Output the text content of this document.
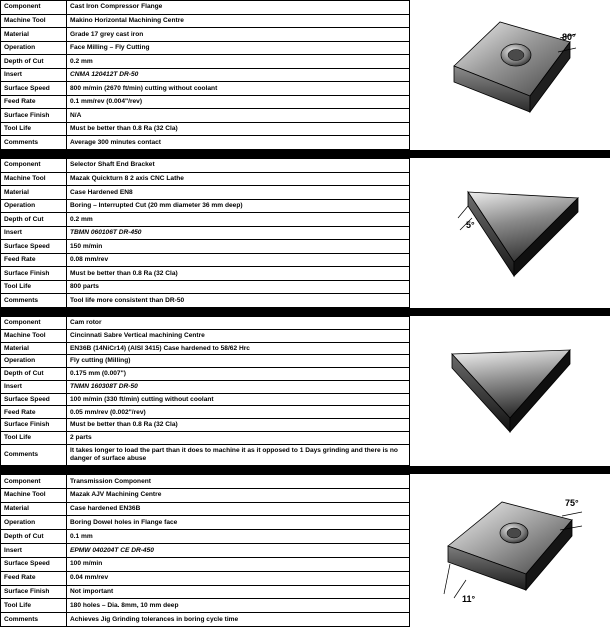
Component	Cast Iron Compressor Flange
Machine Tool	Makino Horizontal Machining Centre
Material	Grade 17 grey cast iron
Operation	Face Milling – Fly Cutting
Depth of Cut	0.2 mm
Insert	CNMA 120412T DR-50
Surface Speed	800 m/min (2670 ft/min) cutting without coolant
Feed Rate	0.1 mm/rev (0.004"/rev)
Surface Finish	N/A
Tool Life	Must be better than 0.8 Ra (32 Cla)
Comments	Average 300 minutes contact
80°
Component	Selector Shaft End Bracket
Machine Tool	Mazak Quickturn 8 2 axis CNC Lathe
Material	Case Hardened EN8
Operation	Boring – Interrupted Cut (20 mm diameter 36 mm deep)
Depth of Cut	0.2 mm
Insert	TBMN 060106T DR-450
Surface Speed	150 m/min
Feed Rate	0.08 mm/rev
Surface Finish	Must be better than 0.8 Ra (32 Cla)
Tool Life	800 parts
Comments	Tool life more consistent than DR-50
5°
Component	Cam rotor
Machine Tool	Cincinnati Sabre Vertical machining Centre
Material	EN36B (14NiCr14) (AISI 3415) Case hardened to 58/62 Hrc
Operation	Fly cutting (Milling)
Depth of Cut	0.175 mm (0.007")
Insert	TNMN 160308T DR-50
Surface Speed	100 m/min (330 ft/min) cutting without coolant
Feed Rate	0.05 mm/rev (0.002"/rev)
Surface Finish	Must be better than 0.8 Ra (32 Cla)
Tool Life	2 parts
Comments	It takes longer to load the part than it does to machine it as it opposed to 1 Days grinding and there is no danger of surface abuse
Component	Transmission Component
Machine Tool	Mazak AJV Machining Centre
Material	Case hardened EN36B
Operation	Boring Dowel holes in Flange face
Depth of Cut	0.1 mm
Insert	EPMW 040204T CE DR-450
Surface Speed	100 m/min
Feed Rate	0.04 mm/rev
Surface Finish	Not important
Tool Life	180 holes – Dia. 8mm, 10 mm deep
Comments	Achieves Jig Grinding tolerances in boring cycle time
75°
11°
